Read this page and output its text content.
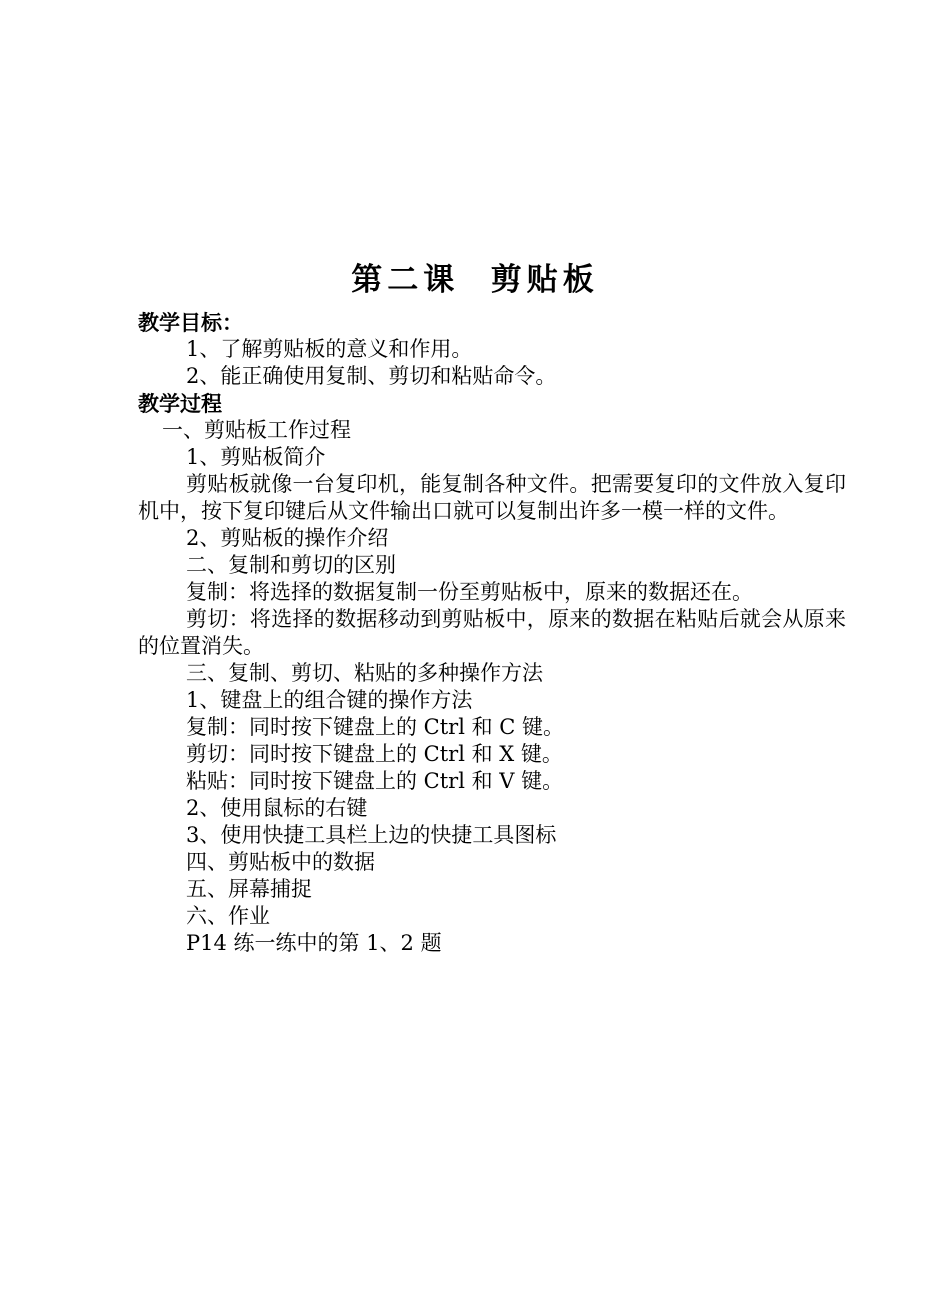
第二课  剪贴板

教学目标：

1、了解剪贴板的意义和作用。

2、能正确使用复制、剪切和粘贴命令。

教学过程

一、剪贴板工作过程

1、剪贴板简介

剪贴板就像一台复印机，能复制各种文件。把需要复印的文件放入复印机中，按下复印键后从文件输出口就可以复制出许多一模一样的文件。

2、剪贴板的操作介绍

二、复制和剪切的区别

复制：将选择的数据复制一份至剪贴板中，原来的数据还在。

剪切：将选择的数据移动到剪贴板中，原来的数据在粘贴后就会从原来的位置消失。

三、复制、剪切、粘贴的多种操作方法

1、键盘上的组合键的操作方法

复制：同时按下键盘上的 Ctrl 和 C 键。

剪切：同时按下键盘上的 Ctrl 和 X 键。

粘贴：同时按下键盘上的 Ctrl 和 V 键。

2、使用鼠标的右键

3、使用快捷工具栏上边的快捷工具图标

四、剪贴板中的数据

五、屏幕捕捉

六、作业

P14 练一练中的第 1、2 题
